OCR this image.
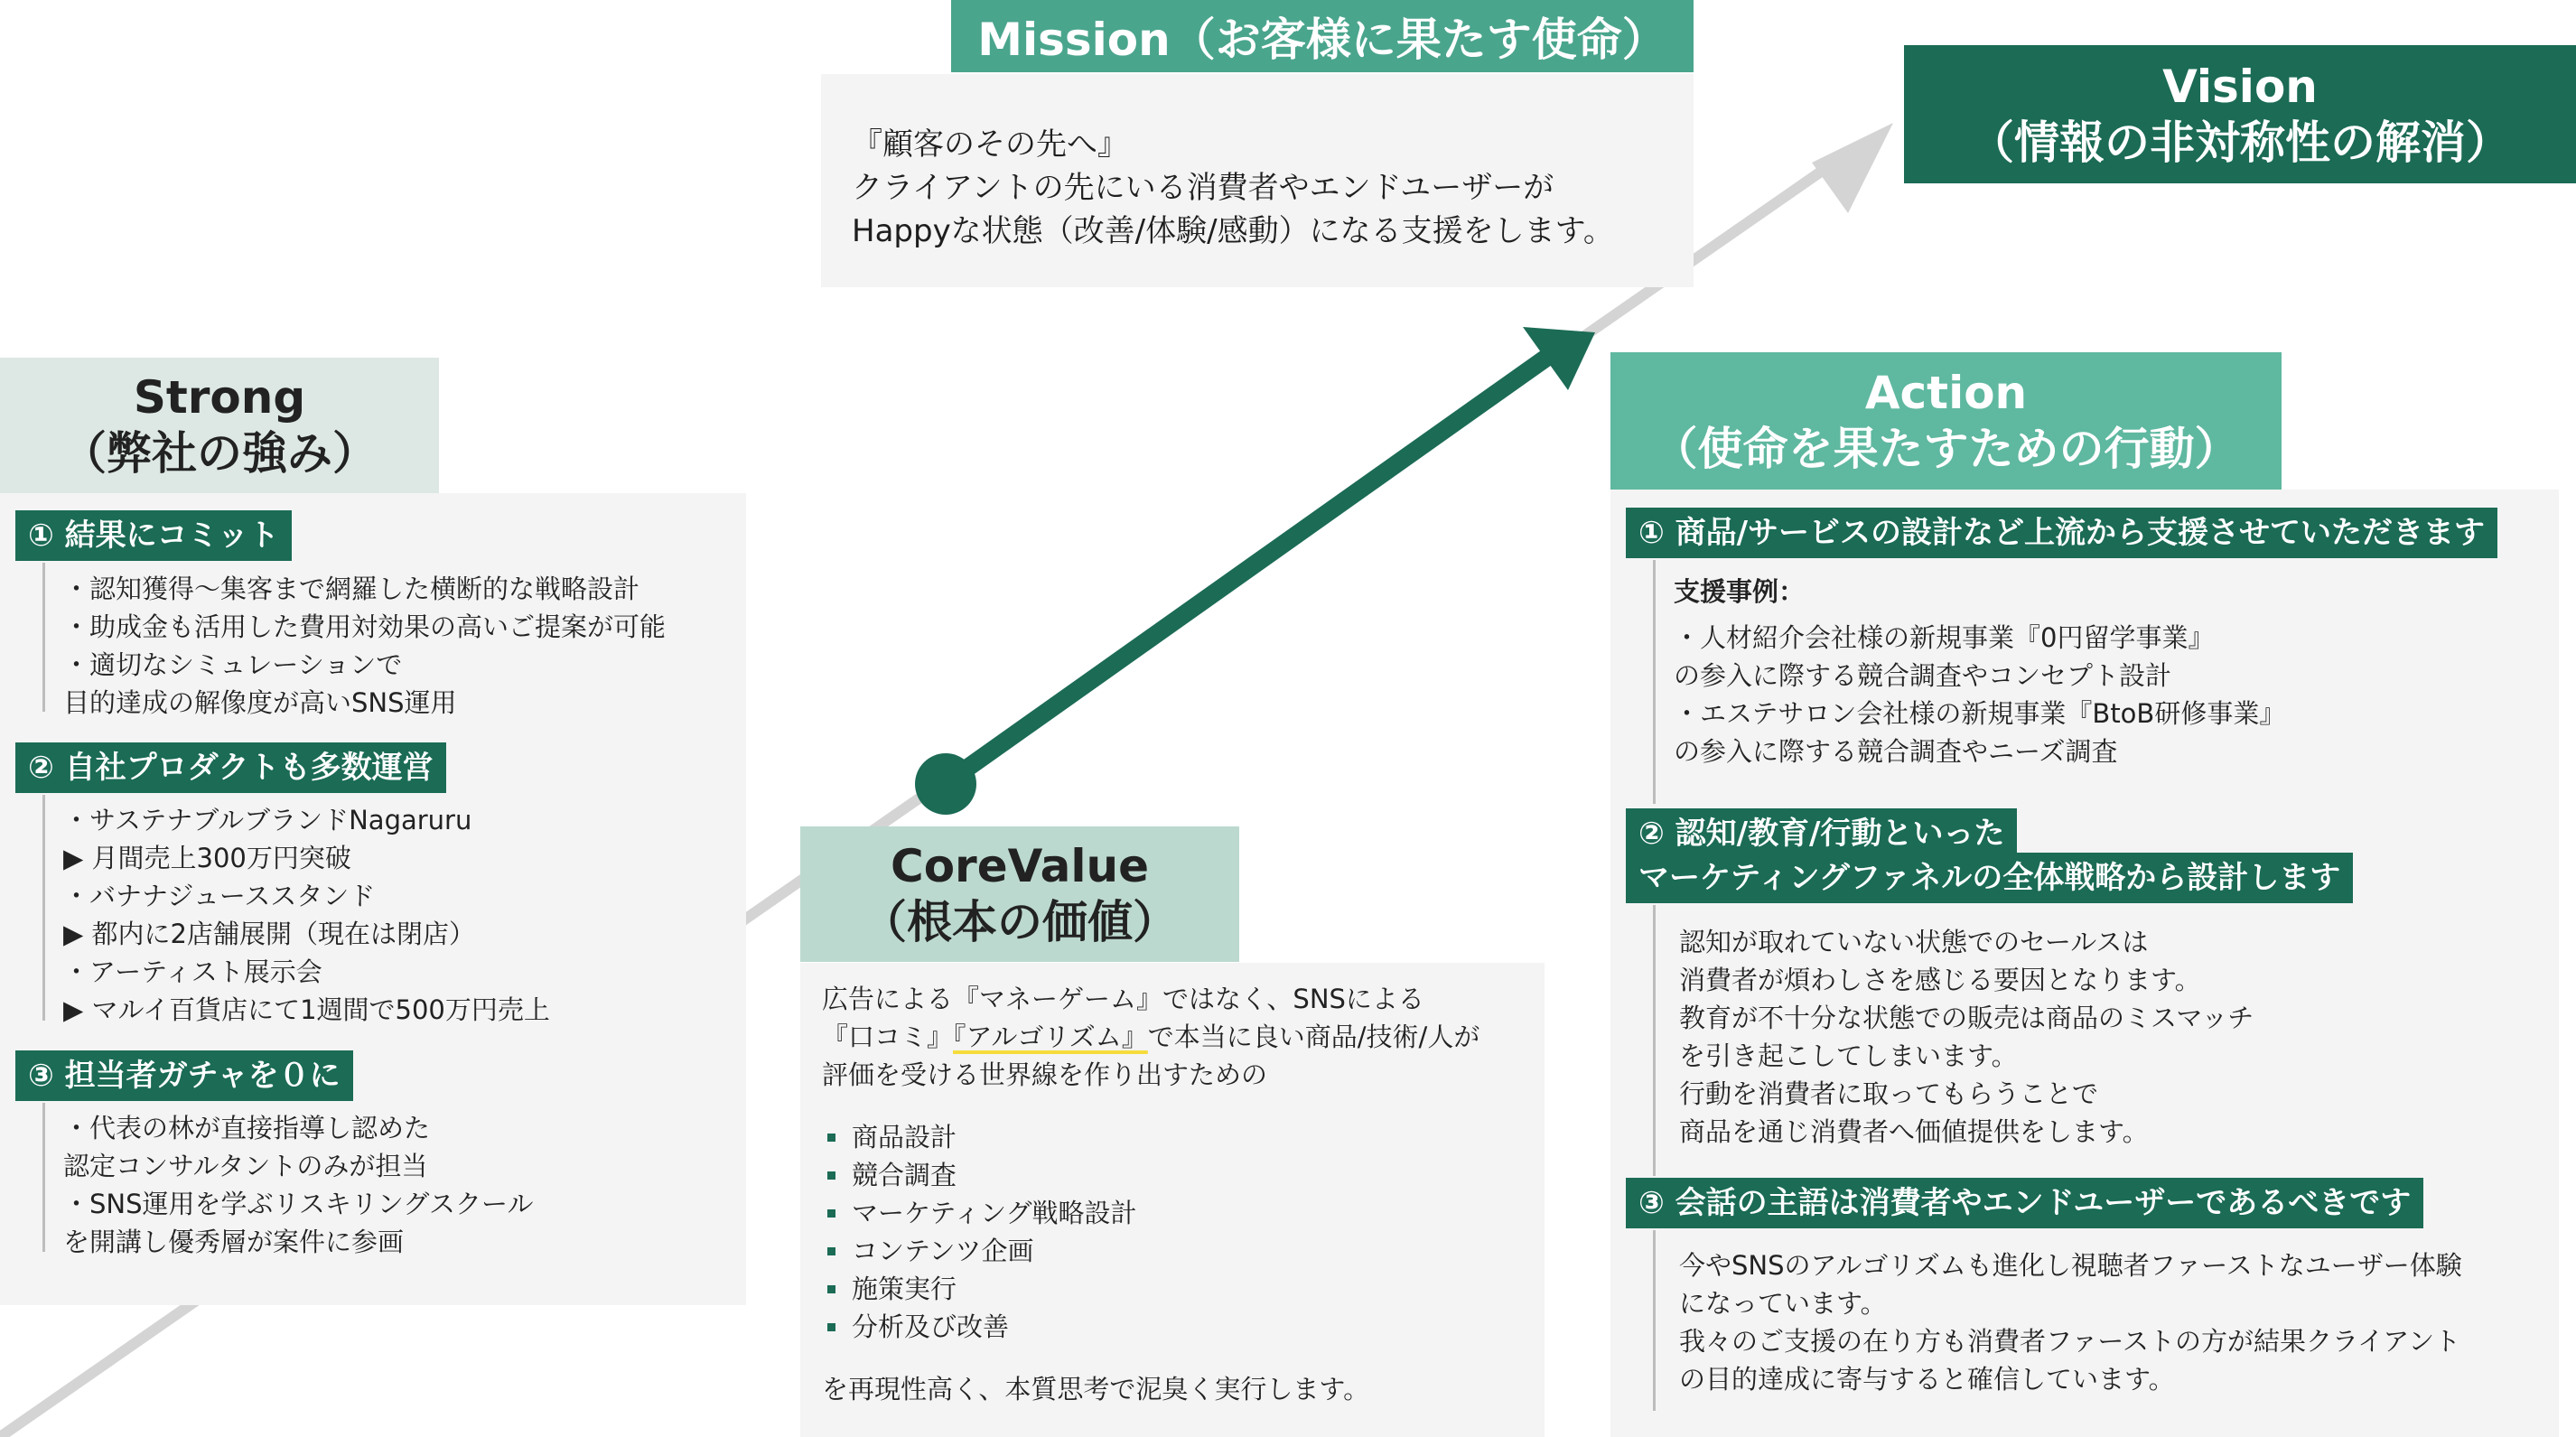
Mission（お客様に果たす使命）
『顧客のその先へ』
クライアントの先にいる消費者やエンドユーザーが
Happyな状態（改善/体験/感動）になる支援をします。
Vision
（情報の非対称性の解消）
Strong
（弊社の強み）
① 結果にコミット
・認知獲得〜集客まで網羅した横断的な戦略設計
・助成金も活用した費用対効果の高いご提案が可能
・適切なシミュレーションで
目的達成の解像度が高いSNS運用
② 自社プロダクトも多数運営
・サステナブルブランドNagaruru
▶ 月間売上300万円突破
・バナナジューススタンド
▶ 都内に2店舗展開（現在は閉店）
・アーティスト展示会
▶ マルイ百貨店にて1週間で500万円売上
③ 担当者ガチャを０に
・代表の林が直接指導し認めた
認定コンサルタントのみが担当
・SNS運用を学ぶリスキリングスクール
を開講し優秀層が案件に参画
CoreValue
（根本の価値）
広告による『マネーゲーム』ではなく、SNSによる
『口コミ』『アルゴリズム』で本当に良い商品/技術/人が
評価を受ける世界線を作り出すための
商品設計
競合調査
マーケティング戦略設計
コンテンツ企画
施策実行
分析及び改善
を再現性高く、本質思考で泥臭く実行します。
Action
（使命を果たすための行動）
① 商品/サービスの設計など上流から支援させていただきます
支援事例：
・人材紹介会社様の新規事業『0円留学事業』
の参入に際する競合調査やコンセプト設計
・エステサロン会社様の新規事業『BtoB研修事業』
の参入に際する競合調査やニーズ調査
② 認知/教育/行動といった
マーケティングファネルの全体戦略から設計します
認知が取れていない状態でのセールスは
消費者が煩わしさを感じる要因となります。
教育が不十分な状態での販売は商品のミスマッチ
を引き起こしてしまいます。
行動を消費者に取ってもらうことで
商品を通じ消費者へ価値提供をします。
③ 会話の主語は消費者やエンドユーザーであるべきです
今やSNSのアルゴリズムも進化し視聴者ファーストなユーザー体験
になっています。
我々のご支援の在り方も消費者ファーストの方が結果クライアント
の目的達成に寄与すると確信しています。
